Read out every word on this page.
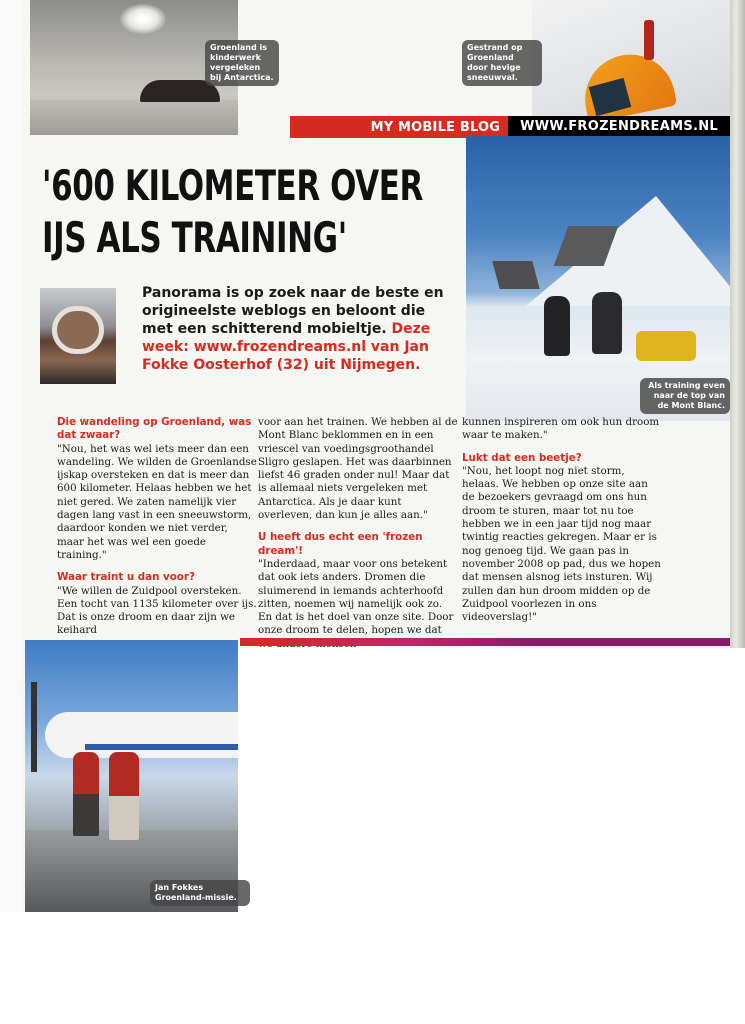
Groenland is kinderwerk vergeleken bij Antarctica.
Gestrand op Groenland door hevige sneeuwval.
MY MOBILE BLOG	WWW.FROZENDREAMS.NL
'600 KILOMETER OVER
IJS ALS TRAINING'
Als training even naar de top van de Mont Blanc.
Panorama is op zoek naar de beste en origineelste weblogs en beloont die met een schitterend mobieltje. Deze week: www.frozendreams.nl van Jan Fokke Oosterhof (32) uit Nijmegen.
Die wandeling op Groenland, was dat zwaar?
"Nou, het was wel iets meer dan een wandeling. We wilden de Groenlandse ijskap oversteken en dat is meer dan 600 kilometer. Helaas hebben we het niet gered. We zaten namelijk vier dagen lang vast in een sneeuwstorm, daardoor konden we niet verder, maar het was wel een goede training."
Waar traint u dan voor?
"We willen de Zuidpool oversteken. Een tocht van 1135 kilometer over ijs. Dat is onze droom en daar zijn we keihard
voor aan het trainen. We hebben al de Mont Blanc beklommen en in een vriescel van voedingsgroothandel Sligro geslapen. Het was daarbinnen liefst 46 graden onder nul! Maar dat is allemaal niets vergeleken met Antarctica. Als je daar kunt overleven, dan kun je alles aan."
U heeft dus echt een 'frozen dream'!
"Inderdaad, maar voor ons betekent dat ook iets anders. Dromen die sluimerend in iemands achterhoofd zitten, noemen wij namelijk ook zo. En dat is het doel van onze site. Door onze droom te delen, hopen we dat
kunnen inspireren om ook hun droom waar te maken."
Lukt dat een beetje?
"Nou, het loopt nog niet storm, helaas. We hebben op onze site aan de bezoekers gevraagd om ons hun droom te sturen, maar tot nu toe hebben we in een jaar tijd nog maar twintig reacties gekregen. Maar er is nog genoeg tijd. We gaan pas in november 2008 op pad, dus we hopen dat mensen alsnog iets insturen. Wij zullen dan hun droom midden op de Zuidpool voorlezen in ons videoverslag!"
Jan Fokkes Groenland-missie.
